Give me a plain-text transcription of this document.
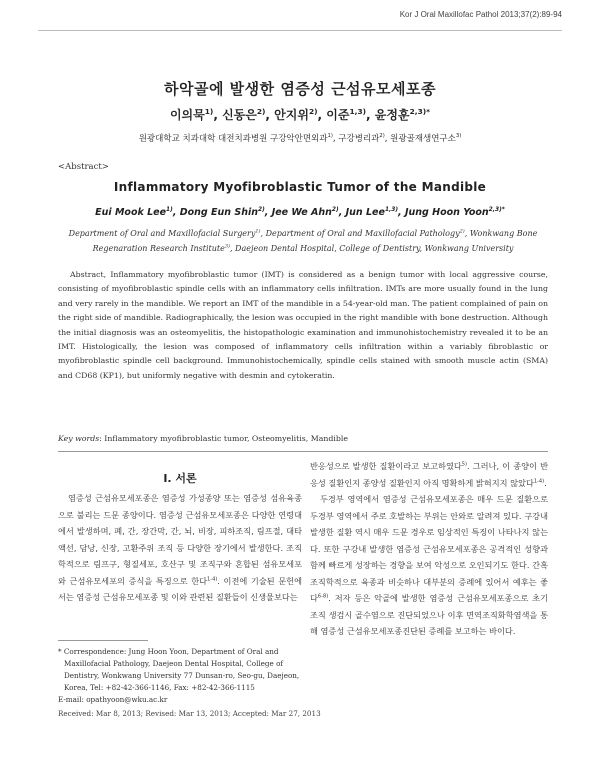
Kor J Oral Maxillofac Pathol 2013;37(2):89-94
하악골에 발생한 염증성 근섬유모세포종
이의묵$^{1)}$, 신동은$^{2)}$, 안지위$^{2)}$, 이준$^{1,3)}$, 윤정훈$^{2,3)*}$
원광대학교 치과대학 대전치과병원 구강악안면외과$^{1)}$, 구강병리과$^{2)}$, 원광골재생연구소$^{3)}$
<Abstract>
Inflammatory Myofibroblastic Tumor of the Mandible
Eui Mook Lee$^{1)}$, Dong Eun Shin$^{2)}$, Jee We Ahn$^{2)}$, Jun Lee$^{1,3)}$, Jung Hoon Yoon$^{2,3)*}$
Department of Oral and Maxillofacial Surgery$^{1)}$, Department of Oral and Maxillofacial Pathology$^{2)}$, Wonkwang Bone Regenaration Research Institute$^{3)}$, Daejeon Dental Hospital, College of Dentistry, Wonkwang University
Abstract, Inflammatory myofibroblastic tumor (IMT) is considered as a benign tumor with local aggressive course, consisting of myofibroblastic spindle cells with an inflammatory cells infiltration. IMTs are more usually found in the lung and very rarely in the mandible. We report an IMT of the mandible in a 54-year-old man. The patient complained of pain on the right side of mandible. Radiographically, the lesion was occupied in the right mandible with bone destruction. Although the initial diagnosis was an osteomyelitis, the histopathologic examination and immunohistochemistry revealed it to be an IMT. Histologically, the lesion was composed of inflammatory cells infiltration within a variably fibroblastic or myofibroblastic spindle cell background. Immunohistochemically, spindle cells stained with smooth muscle actin (SMA) and CD68 (KP1), but uniformly negative with desmin and cytokeratin.
Key words: Inflammatory myofibroblastic tumor, Osteomyelitis, Mandible
Ⅰ. 서론
염증성 근섬유모세포종은 염증성 가성종양 또는 염증성 섬유육종으로 불리는 드문 종양이다. 염증성 근섬유모세포종은 다양한 연령대에서 발생하며, 폐, 간, 장간막, 간, 뇌, 비장, 피하조직, 림프절, 대타액선, 담낭, 신장, 고환주위 조직 등 다양한 장기에서 발생한다. 조직학적으로 림프구, 형질세포, 호산구 및 조직구와 혼합된 섬유모세포와 근섬유모세포의 증식을 특징으로 한다$^{1-4)}$. 이전에 기술된 문헌에서는 염증성 근섬유모세포종 및 이와 관련된 질환들이 신생물보다는

반응성으로 발생한 질환이라고 보고하였다$^{5)}$. 그러나, 이 종양이 반응성 질환인지 종양성 질환인지 아직 명확하게 밝혀지지 않았다$^{1-4)}$.

두경부 영역에서 염증성 근섬유모세포종은 매우 드문 질환으로 두경부 영역에서 주로 호발하는 부위는 안와로 알려져 있다. 구강내 발생한 질환 역시 매우 드문 경우로 임상적인 특징이 나타나지 않는다. 또한 구강내 발생한 염증성 근섬유모세포종은 공격적인 성향과 함께 빠르게 성장하는 경향을 보여 악성으로 오인되기도 한다. 간혹 조직학적으로 육종과 비슷하나 대부분의 증례에 있어서 예후는 좋다$^{6-8)}$. 저자 등은 악골에 발생한 염증성 근섬유모세포종으로 초기 조직 생검시 골수염으로 진단되었으나 이후 면역조직화학염색을 통해 염증성 근섬유모세포종진단된 증례를 보고하는 바이다.

* Correspondence: Jung Hoon Yoon, Department of Oral and Maxillofacial Pathology, Daejeon Dental Hospital, College of Dentistry, Wonkwang University 77 Dunsan-ro, Seo-gu, Daejeon, Korea, Tel: +82-42-366-1146, Fax: +82-42-366-1115
E-mail: opathyoon@wku.ac.kr
Received: Mar 8, 2013; Revised: Mar 13, 2013; Accepted: Mar 27, 2013
